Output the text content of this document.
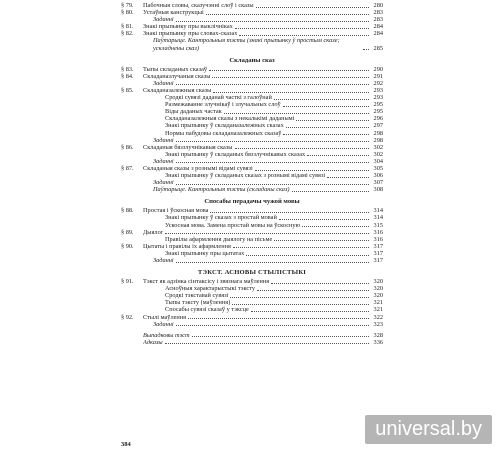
§ 79.	Пабочныя словы, сказучэнні слоў і сказы	280
§ 80.	Устаўныя канструкцыі	283
Заданні	283
§ 81.	Знакі прыпынку пры выклічніках	284
§ 82.	Знакі прыпынку пры словах-сказах	284
Паўтарыце. Кантрольныя тэсты (знакі прыпынку ў простым сказе; ускладнены сказ)	285
Складаны сказ
§ 83.	Тыпы складаных сказаў	290
§ 84.	Складаназлучаныя сказы	291
Заданні	292
§ 85.	Складаназалежныя сказы	293
Сродкі сувязі даданай часткі з галоўнай	293
Размежаванне злучнікаў і злучальных слоў	295
Віды даданых частак	295
Складаназалежныя сказы з некалькімі даданымі	296
Знакі прыпынку ў складаназалежных сказах	297
Нормы пабудовы складаназалежных сказаў	298
Заданні	298
§ 86.	Складаныя бяззлучнікавыя сказы	302
Знакі прыпынку ў складаных бяззлучнікавых сказах	302
Заданні	304
§ 87.	Складаныя сказы з рознымі відамі сувязі	305
Знакі прыпынку ў складаных сказах з рознымі відамі сувязі	306
Заданні	307
Паўтарыце. Кантрольныя тэсты (складаны сказ)	308
Спосабы перадачы чужой мовы
§ 88.	Простая і ўскосная мова	314
Знакі прыпынку ў сказах з простай мовай	314
Ускосная мова. Замена простай мовы на ўскосную	315
§ 89.	Дыялог	316
Правілы афармлення дыялогу на пісьме	316
§ 90.	Цытаты і правілы іх афармлення	317
Знакі прыпынку пры цытатах	317
Заданні	317
ТЭКСТ. АСНОВЫ СТЫЛІСТЫКІ
§ 91.	Тэкст як адзінка сінтаксісу і звязнага маўлення	320
Асноўныя характарыстыкі тэксту	320
Сродкі тэкставай сувязі	320
Тыпы тэксту (маўлення)	321
Спосабы сувязі сказаў у тэксце	321
§ 92.	Стылі маўлення	322
Заданні	323
Выпадковы тэст	328
Адказы	336
384
universal.by
